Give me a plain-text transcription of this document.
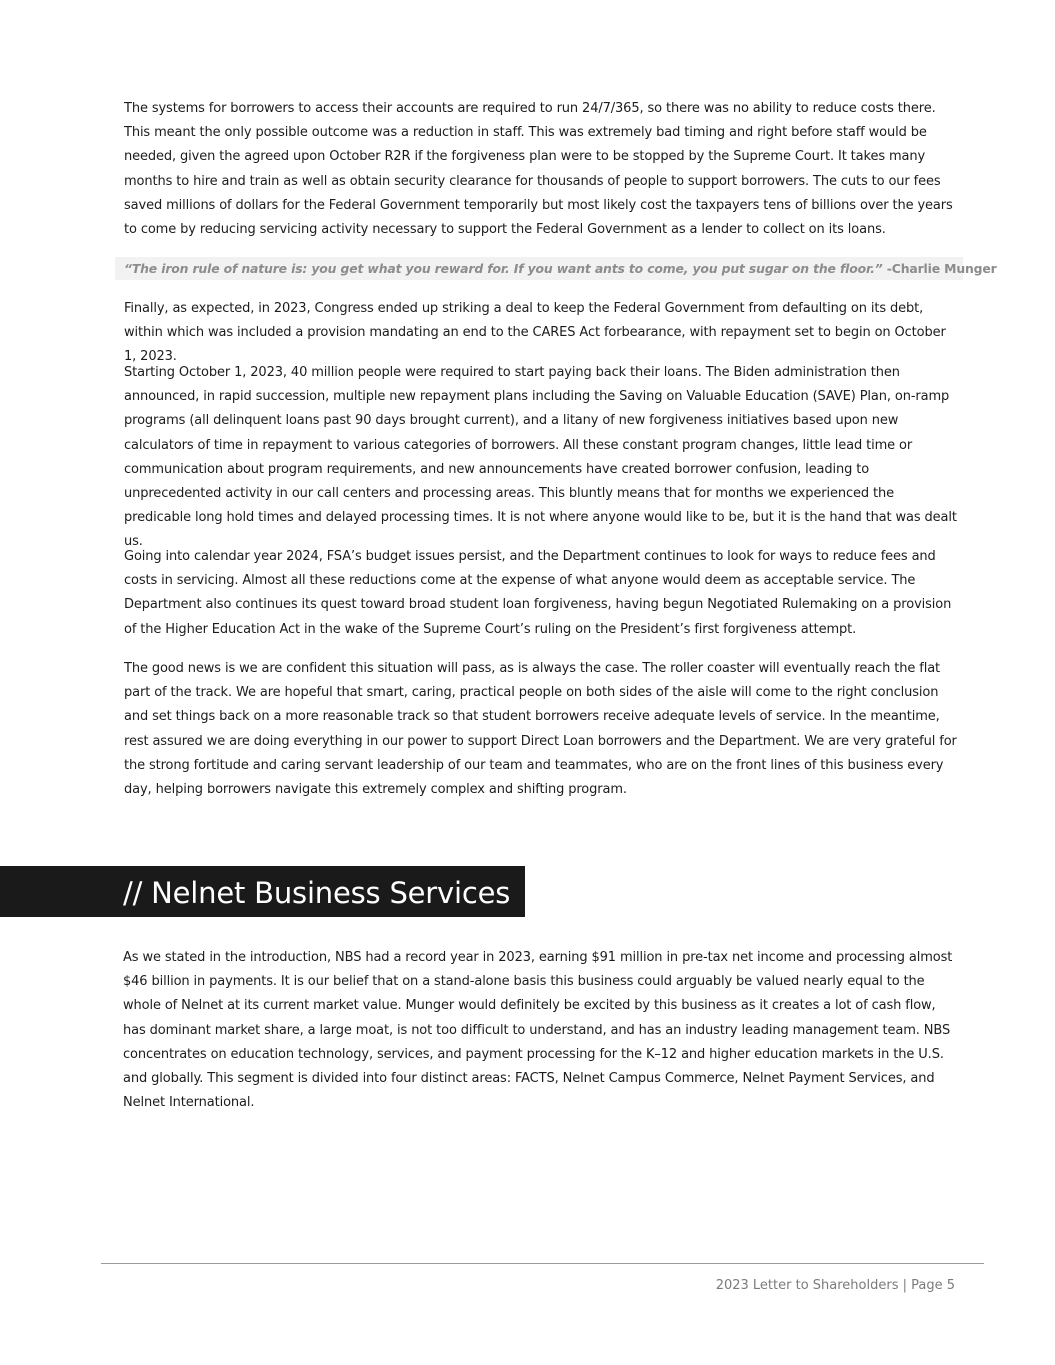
The systems for borrowers to access their accounts are required to run 24/7/365, so there was no ability to reduce costs there. This meant the only possible outcome was a reduction in staff. This was extremely bad timing and right before staff would be needed, given the agreed upon October R2R if the forgiveness plan were to be stopped by the Supreme Court. It takes many months to hire and train as well as obtain security clearance for thousands of people to support borrowers. The cuts to our fees saved millions of dollars for the Federal Government temporarily but most likely cost the taxpayers tens of billions over the years to come by reducing servicing activity necessary to support the Federal Government as a lender to collect on its loans.

“The iron rule of nature is: you get what you reward for. If you want ants to come, you put sugar on the floor.” -Charlie Munger

Finally, as expected, in 2023, Congress ended up striking a deal to keep the Federal Government from defaulting on its debt, within which was included a provision mandating an end to the CARES Act forbearance, with repayment set to begin on October 1, 2023.

Starting October 1, 2023, 40 million people were required to start paying back their loans. The Biden administration then announced, in rapid succession, multiple new repayment plans including the Saving on Valuable Education (SAVE) Plan, on-ramp programs (all delinquent loans past 90 days brought current), and a litany of new forgiveness initiatives based upon new calculators of time in repayment to various categories of borrowers. All these constant program changes, little lead time or communication about program requirements, and new announcements have created borrower confusion, leading to unprecedented activity in our call centers and processing areas. This bluntly means that for months we experienced the predicable long hold times and delayed processing times. It is not where anyone would like to be, but it is the hand that was dealt us.

Going into calendar year 2024, FSA’s budget issues persist, and the Department continues to look for ways to reduce fees and costs in servicing. Almost all these reductions come at the expense of what anyone would deem as acceptable service. The Department also continues its quest toward broad student loan forgiveness, having begun Negotiated Rulemaking on a provision of the Higher Education Act in the wake of the Supreme Court’s ruling on the President’s first forgiveness attempt.

The good news is we are confident this situation will pass, as is always the case. The roller coaster will eventually reach the flat part of the track. We are hopeful that smart, caring, practical people on both sides of the aisle will come to the right conclusion and set things back on a more reasonable track so that student borrowers receive adequate levels of service. In the meantime, rest assured we are doing everything in our power to support Direct Loan borrowers and the Department. We are very grateful for the strong fortitude and caring servant leadership of our team and teammates, who are on the front lines of this business every day, helping borrowers navigate this extremely complex and shifting program.

// Nelnet Business Services

As we stated in the introduction, NBS had a record year in 2023, earning $91 million in pre-tax net income and processing almost $46 billion in payments. It is our belief that on a stand-alone basis this business could arguably be valued nearly equal to the whole of Nelnet at its current market value. Munger would definitely be excited by this business as it creates a lot of cash flow, has dominant market share, a large moat, is not too difficult to understand, and has an industry leading management team. NBS concentrates on education technology, services, and payment processing for the K–12 and higher education markets in the U.S. and globally. This segment is divided into four distinct areas: FACTS, Nelnet Campus Commerce, Nelnet Payment Services, and Nelnet International.

2023 Letter to Shareholders | Page 5
